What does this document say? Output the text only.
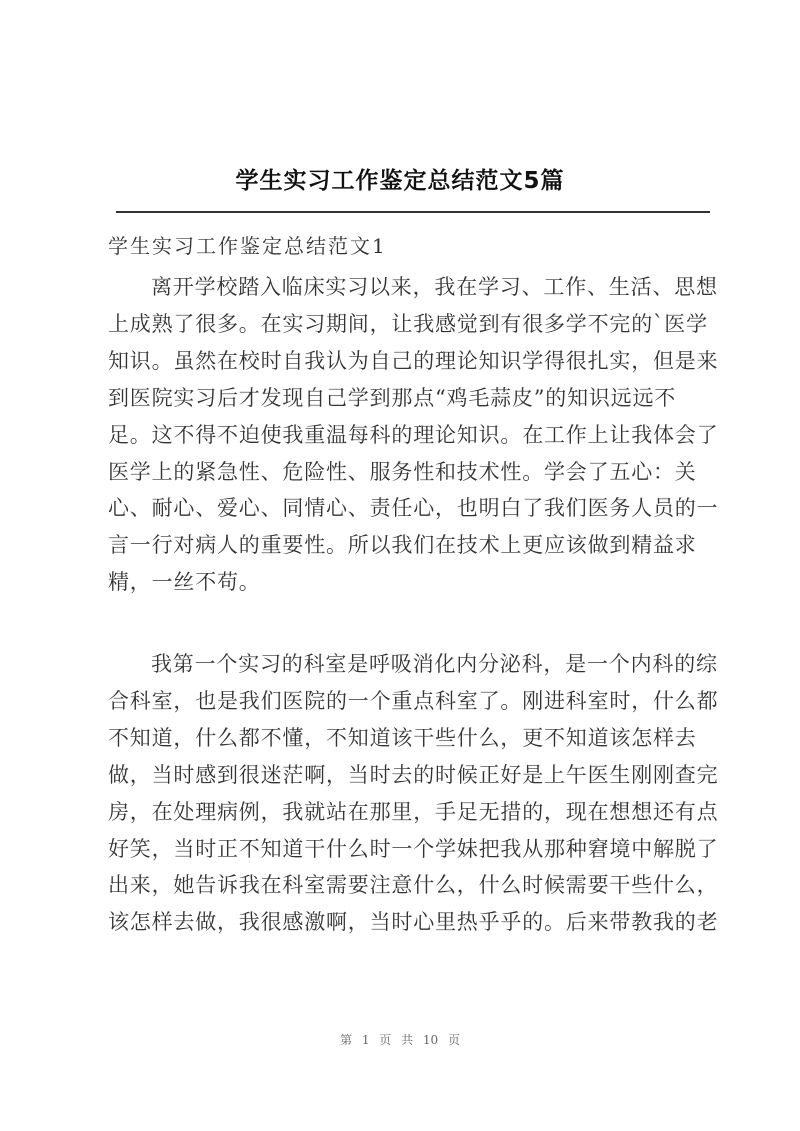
学生实习工作鉴定总结范文5篇
学生实习工作鉴定总结范文1
离开学校踏入临床实习以来，我在学习、工作、生活、思想
上成熟了很多。在实习期间，让我感觉到有很多学不完的`医学
知识。虽然在校时自我认为自己的理论知识学得很扎实，但是来
到医院实习后才发现自己学到那点“鸡毛蒜皮”的知识远远不
足。这不得不迫使我重温每科的理论知识。在工作上让我体会了
医学上的紧急性、危险性、服务性和技术性。学会了五心：关
心、耐心、爱心、同情心、责任心，也明白了我们医务人员的一
言一行对病人的重要性。所以我们在技术上更应该做到精益求
精，一丝不苟。
我第一个实习的科室是呼吸消化内分泌科，是一个内科的综
合科室，也是我们医院的一个重点科室了。刚进科室时，什么都
不知道，什么都不懂，不知道该干些什么，更不知道该怎样去
做，当时感到很迷茫啊，当时去的时候正好是上午医生刚刚查完
房，在处理病例，我就站在那里，手足无措的，现在想想还有点
好笑，当时正不知道干什么时一个学妹把我从那种窘境中解脱了
出来，她告诉我在科室需要注意什么，什么时候需要干些什么，
该怎样去做，我很感激啊，当时心里热乎乎的。后来带教我的老
第 1 页 共 10 页
